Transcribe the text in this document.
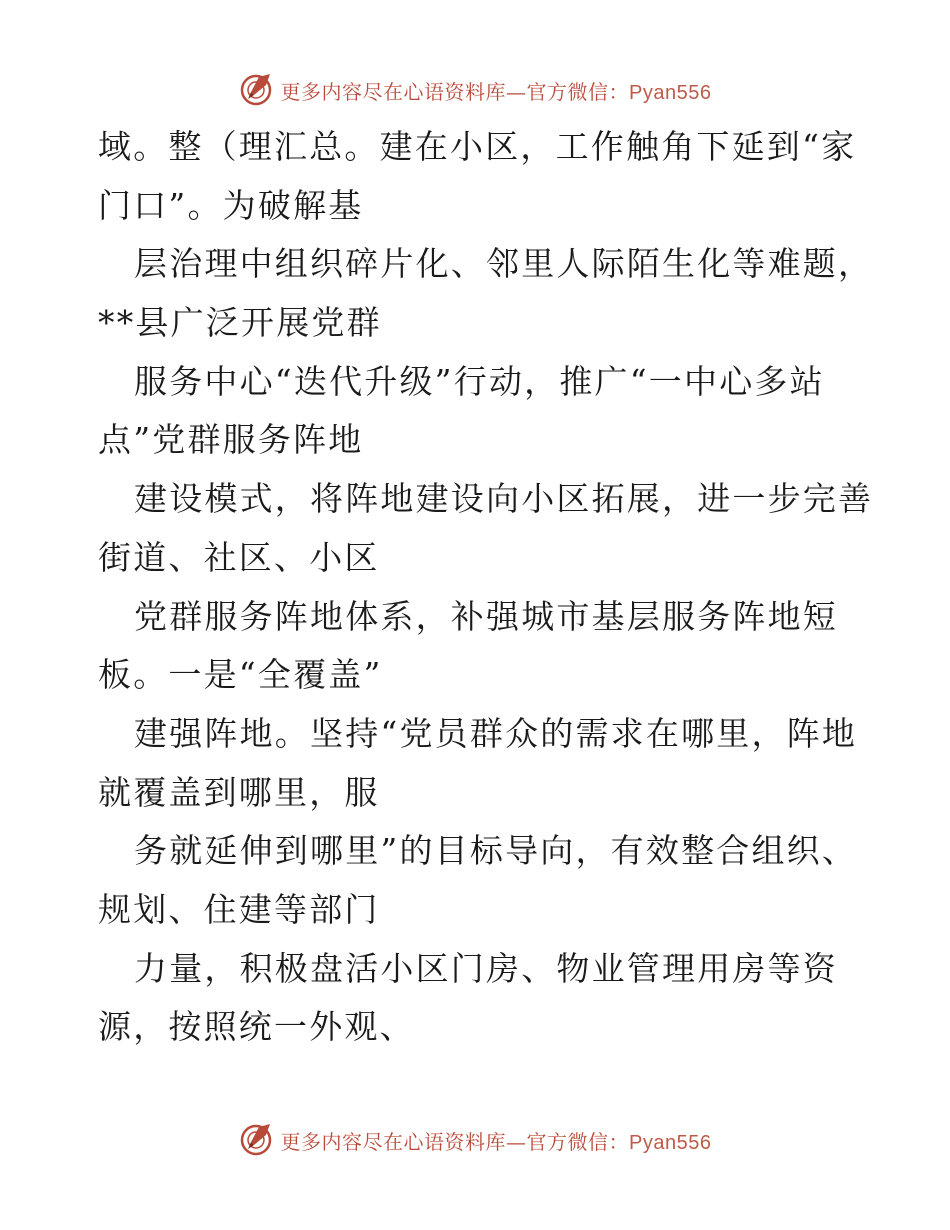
更多内容尽在心语资料库—官方微信：Pyan556
域。整（理汇总。建在小区，工作触角下延到“家
门口”。为破解基
层治理中组织碎片化、邻里人际陌生化等难题，
**县广泛开展党群
服务中心“迭代升级”行动，推广“一中心多站
点”党群服务阵地
建设模式，将阵地建设向小区拓展，进一步完善
街道、社区、小区
党群服务阵地体系，补强城市基层服务阵地短
板。一是“全覆盖”
建强阵地。坚持“党员群众的需求在哪里，阵地
就覆盖到哪里，服
务就延伸到哪里”的目标导向，有效整合组织、
规划、住建等部门
力量，积极盘活小区门房、物业管理用房等资
源，按照统一外观、
更多内容尽在心语资料库—官方微信：Pyan556
